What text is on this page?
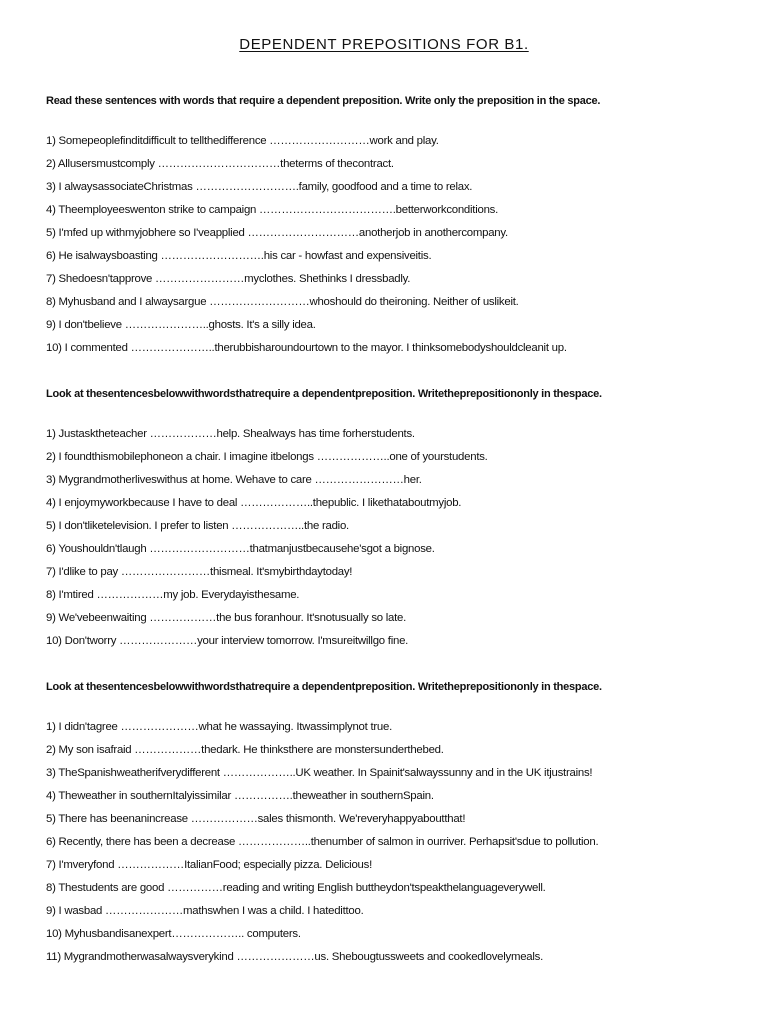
DEPENDENT PREPOSITIONS FOR B1.
Read these sentences with words that require a dependent preposition. Write only the preposition in the space.
1) Somepeoplefinditdifficult to tellthedifference ………………………work and play.
2) Allusersmustcomply ……………………………theterms of thecontract.
3) I alwaysassociateChristmas ……………………….family, goodfood and a time to relax.
4) Theemployeeswenton strike to campaign ……………………………….betterworkconditions.
5) I'mfed up withmyjobhere so I'veapplied …………………………anotherjob in anothercompany.
6) He isalwaysboasting ……………………….his car - howfast and expensiveitis.
7) Shedoesn'tapprove ……………………myclothes. Shethinks I dressbadly.
8) Myhusband and I alwaysargue ………………………whoshould do theironing. Neither of uslikeit.
9) I don'tbelieve …………………..ghosts. It's a silly idea.
10) I commented …………………..therubbisharoundourtown to the mayor. I thinksomebodyshouldcleanit up.
Look at thesentencesbelowwithwordsthatrequire a dependentpreposition. Writetheprepositiononly in thespace.
1) Justasktheteacher ………………help. Shealways has time forherstudents.
2) I foundthismobilephoneon a chair. I imagine itbelongs ………………..one of yourstudents.
3) Mygrandmotherliveswithus at home. Wehave to care ……………………her.
4) I enjoymyworkbecause I have to deal ………………..thepublic. I likethataboutmyjob.
5) I don'tliketelevision. I prefer to listen ………………..the radio.
6) Youshouldn'tlaugh ………………………thatmanjustbecausehe'sgot a bignose.
7) I'dlike to pay ……………………thismeal. It'smybirthdaytoday!
8) I'mtired ………………my job. Everydayisthesame.
9) We'vebeenwaiting ………………the bus foranhour. It'snotusually so late.
10) Don'tworry …………………your interview tomorrow. I'msureitwillgo fine.
Look at thesentencesbelowwithwordsthatrequire a dependentpreposition. Writetheprepositiononly in thespace.
1) I didn'tagree …………………what he wassaying. Itwassimplynot true.
2) My son isafraid ………………thedark. He thinksthere are monstersunderthebed.
3) TheSpanishweatherifverydifferent ………………..UK weather. In Spainit'salwayssunny and in the UK itjustrains!
4) Theweather in southernItalyissimilar …………….theweather in southernSpain.
5) There has beenanincrease ………………sales thismonth. We'reveryhappyaboutthat!
6) Recently, there has been a decrease ………………..thenumber of salmon in ourriver. Perhapsit'sdue to pollution.
7) I'mveryfond ………………ItalianFood; especially pizza. Delicious!
8) Thestudents are good ……………reading and writing English buttheydon'tspeakthelanguageverywell.
9) I wasbad …………………mathswhen I was a child. I hatedittoo.
10) Myhusbandisanexpert……………….. computers.
11) Mygrandmotherwasalwaysverykind …………………us. Shebougtussweets and cookedlovelymeals.
